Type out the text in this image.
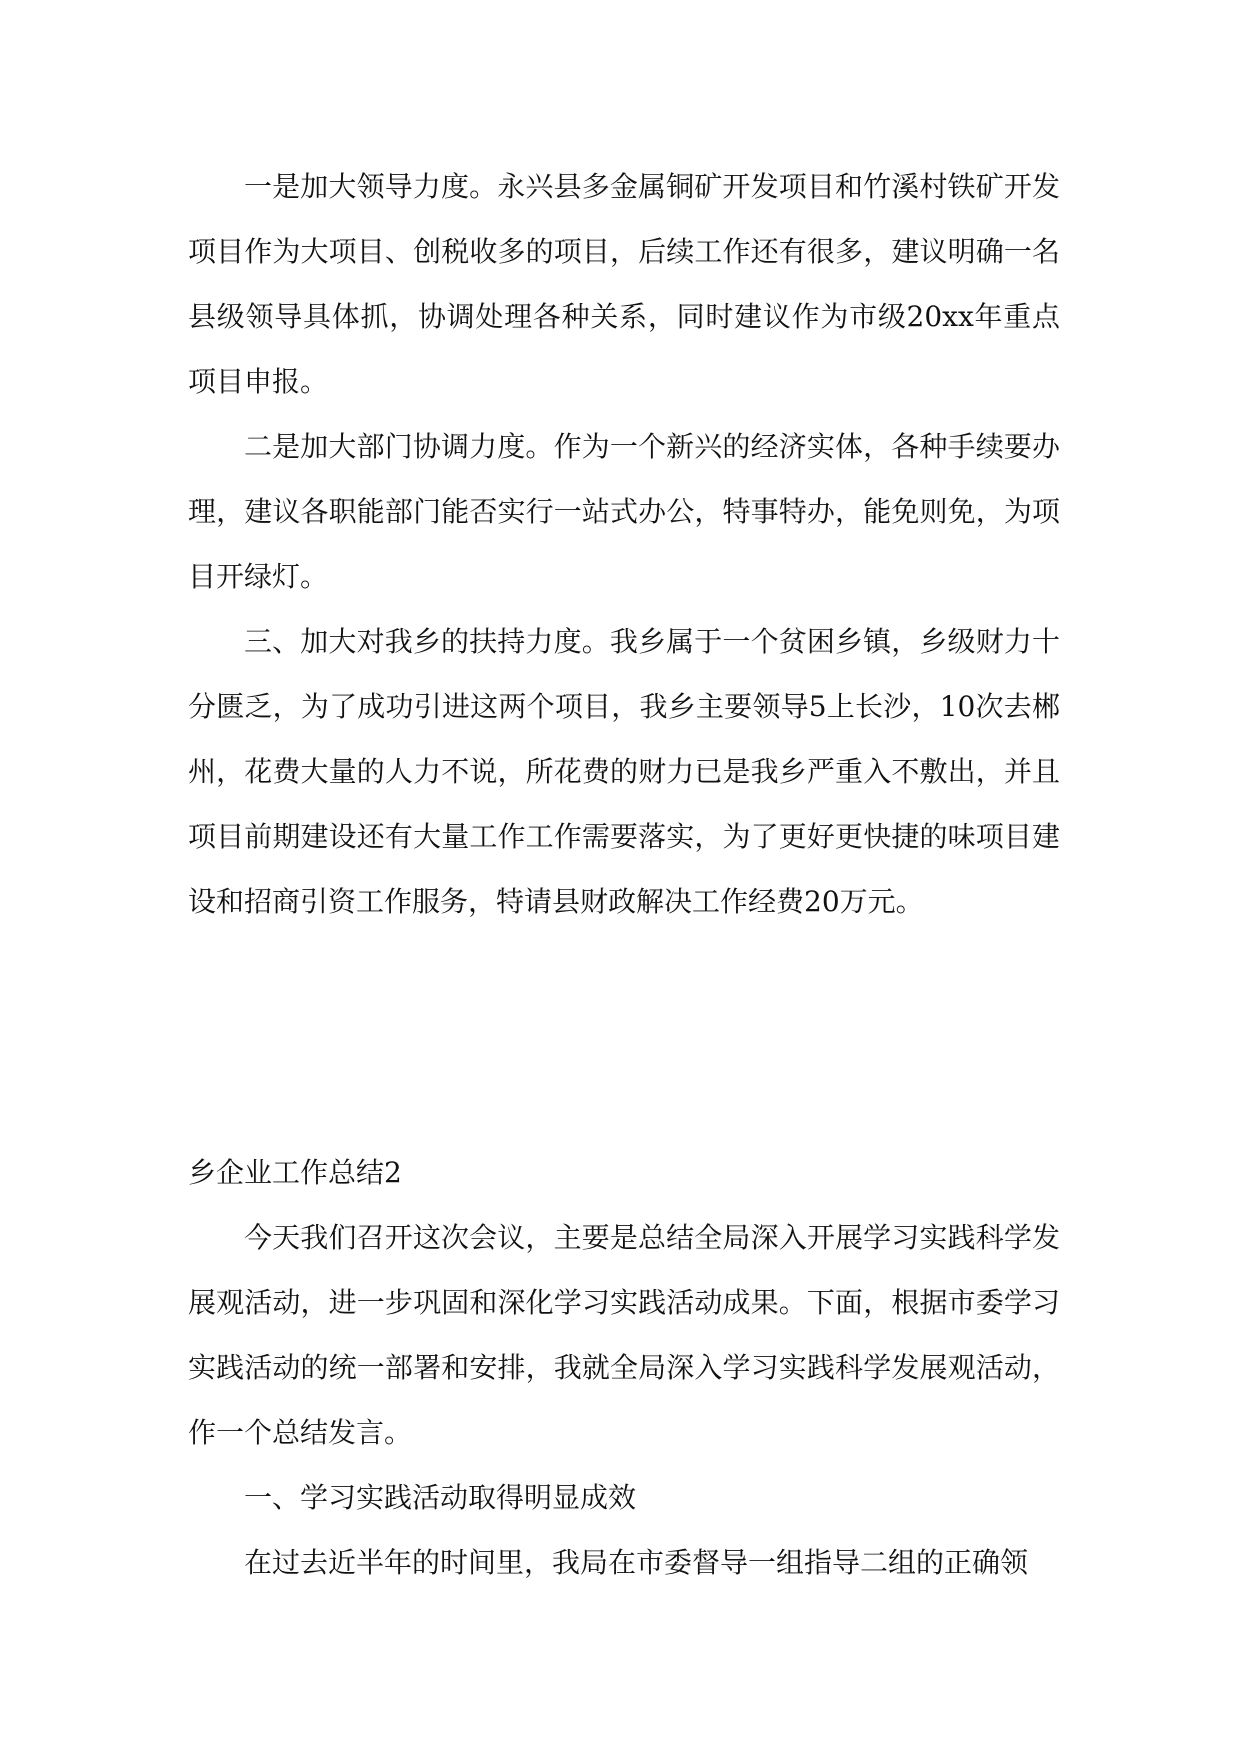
一是加大领导力度。永兴县多金属铜矿开发项目和竹溪村铁矿开发项目作为大项目、创税收多的项目，后续工作还有很多，建议明确一名县级领导具体抓，协调处理各种关系，同时建议作为市级20xx年重点项目申报。

二是加大部门协调力度。作为一个新兴的经济实体，各种手续要办理，建议各职能部门能否实行一站式办公，特事特办，能免则免，为项目开绿灯。

三、加大对我乡的扶持力度。我乡属于一个贫困乡镇，乡级财力十分匮乏，为了成功引进这两个项目，我乡主要领导5上长沙，10次去郴州，花费大量的人力不说，所花费的财力已是我乡严重入不敷出，并且项目前期建设还有大量工作工作需要落实，为了更好更快捷的味项目建设和招商引资工作服务，特请县财政解决工作经费20万元。

乡企业工作总结2

今天我们召开这次会议，主要是总结全局深入开展学习实践科学发展观活动，进一步巩固和深化学习实践活动成果。下面，根据市委学习实践活动的统一部署和安排，我就全局深入学习实践科学发展观活动，作一个总结发言。

一、学习实践活动取得明显成效

在过去近半年的时间里，我局在市委督导一组指导二组的正确领
